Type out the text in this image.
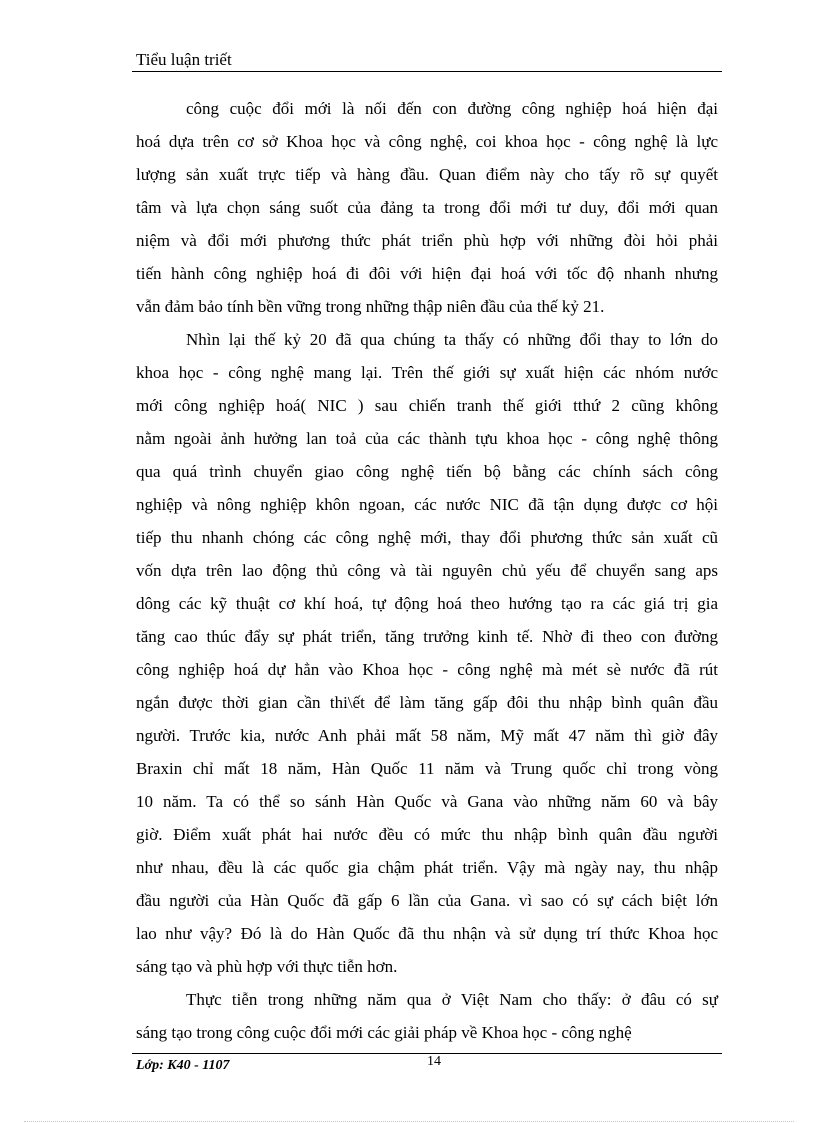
Tiểu luận triết
công cuộc đổi mới là nối đến con đường công nghiệp hoá hiện đại
hoá dựa trên cơ sở Khoa học và công nghệ, coi khoa học - công nghệ là lực
lượng sản xuất trực tiếp và hàng đầu. Quan điểm này cho tấy rõ sự quyết
tâm và lựa chọn sáng suốt của đảng ta trong đổi mới tư duy, đổi mới quan
niệm và đổi mới phương thức phát triển phù hợp với những đòi hỏi phải
tiến hành công nghiệp hoá đi đôi với hiện đại hoá với tốc độ nhanh nhưng
vẫn đảm bảo tính bền vững trong những thập niên đầu của thế kỷ 21.
Nhìn lại thế kỷ 20 đã qua chúng ta thấy có những đổi thay to lớn do
khoa học - công nghệ mang lại. Trên thế giới sự xuất hiện các nhóm nước
mới công nghiệp hoá( NIC ) sau chiến tranh thế giới tthứ 2 cũng không
nằm ngoài ảnh hưởng lan toả của các thành tựu khoa học - công nghệ thông
qua quá trình chuyển giao công nghệ tiến bộ bằng các chính sách công
nghiệp và nông nghiệp khôn ngoan, các nước NIC đã tận dụng được cơ hội
tiếp thu nhanh chóng các công nghệ mới, thay đổi phương thức sản xuất cũ
vốn dựa trên lao động thủ công và tài nguyên chủ yếu để chuyển sang aps
dông các kỹ thuật cơ khí hoá, tự động hoá theo hướng tạo ra các giá trị gia
tăng cao thúc đẩy sự phát triển, tăng trưởng kinh tế. Nhờ đi theo con đường
công nghiệp hoá dự hẳn vào Khoa học - công nghệ mà mét sè nước đã rút
ngắn được thời gian cần thi\ết để làm tăng gấp đôi thu nhập bình quân đầu
người. Trước kia, nước Anh phải mất 58 năm, Mỹ mất 47 năm thì giờ đây
Braxin chỉ mất 18 năm, Hàn Quốc 11 năm và Trung quốc chỉ trong vòng
10 năm. Ta có thể so sánh Hàn Quốc và Gana vào những năm 60 và bây
giờ. Điểm xuất phát hai nước đều có mức thu nhập bình quân đầu người
như nhau, đều là các quốc gia chậm phát triển. Vậy mà ngày nay, thu nhập
đầu người của Hàn Quốc đã gấp 6 lần của Gana. vì sao có sự cách biệt lớn
lao như vậy? Đó là do Hàn Quốc đã thu nhận và sử dụng trí thức Khoa học
sáng tạo và phù hợp với thực tiễn hơn.
Thực tiễn trong những năm qua ở Việt Nam cho thấy: ở đâu có sự
sáng tạo trong công cuộc đổi mới các giải pháp về Khoa học - công nghệ
Lớp: K40 - 1107	14
